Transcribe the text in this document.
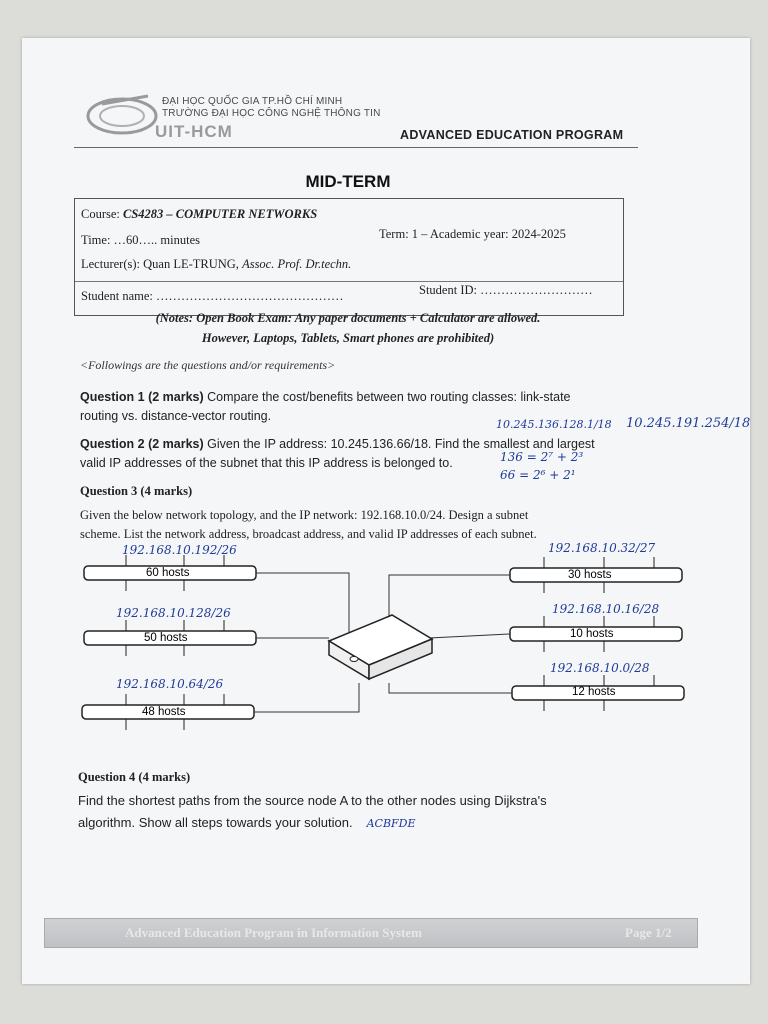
ĐẠI HỌC QUỐC GIA TP.HỒ CHÍ MINH
TRƯỜNG ĐẠI HỌC CÔNG NGHỆ THÔNG TIN
UIT-HCM	ADVANCED EDUCATION PROGRAM
MID-TERM
Course: CS4283 – COMPUTER NETWORKS
Time: …60….. minutes	Term: 1 – Academic year: 2024-2025
Lecturer(s): Quan LE-TRUNG, Assoc. Prof. Dr.techn.
Student name: ………………………………………	Student ID: ………………………
(Notes: Open Book Exam: Any paper documents + Calculator are allowed.
However, Laptops, Tablets, Smart phones are prohibited)
<Followings are the questions and/or requirements>
Question 1 (2 marks) Compare the cost/benefits between two routing classes: link-state
routing vs. distance-vector routing.
10.245.136.128.1/18 10.245.191.254/18
Question 2 (2 marks) Given the IP address: 10.245.136.66/18. Find the smallest and largest
valid IP addresses of the subnet that this IP address is belonged to.	136 = 2⁷ + 2³
66 = 2⁶ + 2¹
Question 3 (4 marks)
Given the below network topology, and the IP network: 192.168.10.0/24. Design a subnet
scheme. List the network address, broadcast address, and valid IP addresses of each subnet.
60 hosts
50 hosts
48 hosts
30 hosts
10 hosts
12 hosts
192.168.10.192/26
192.168.10.128/26
192.168.10.64/26
192.168.10.32/27
192.168.10.16/28
192.168.10.0/28
Question 4 (4 marks)
Find the shortest paths from the source node A to the other nodes using Dijkstra's
algorithm. Show all steps towards your solution. ACBFDE
Advanced Education Program in Information System	Page 1/2
